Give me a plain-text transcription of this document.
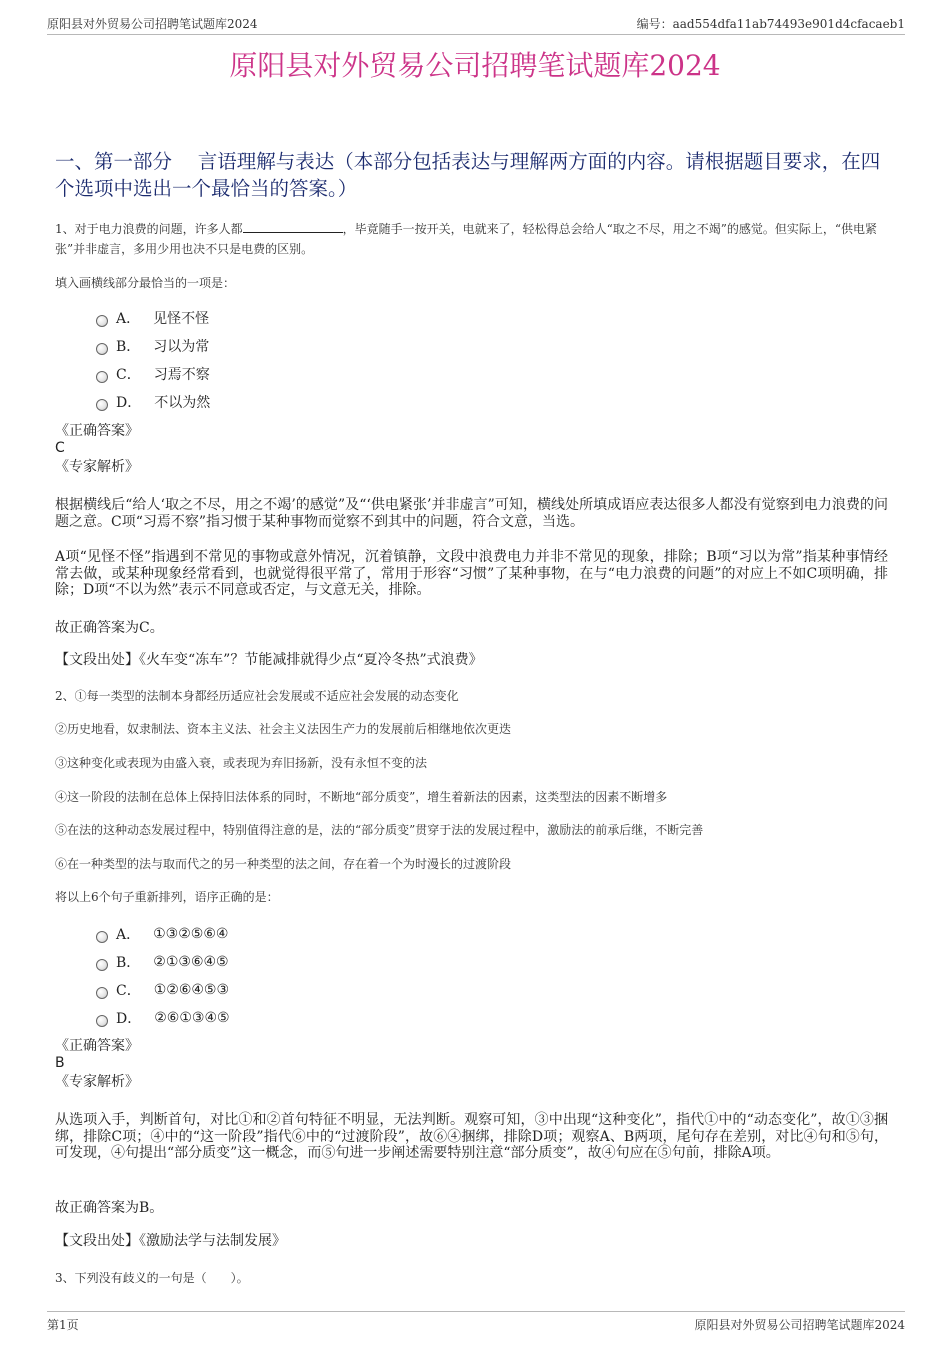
原阳县对外贸易公司招聘笔试题库2024	编号：aad554dfa11ab74493e901d4cfacaeb1
原阳县对外贸易公司招聘笔试题库2024
一、第一部分　 言语理解与表达（本部分包括表达与理解两方面的内容。请根据题目要求，在四个选项中选出一个最恰当的答案。）

1、对于电力浪费的问题，许多人都	，毕竟随手一按开关，电就来了，轻松得总会给人“取之不尽，用之不竭”的感觉。但实际上，“供电紧张”并非虚言，多用少用也决不只是电费的区别。

填入画横线部分最恰当的一项是：

A． 见怪不怪
B． 习以为常
C． 习焉不察
D． 不以为然

《正确答案》

C

《专家解析》

根据横线后“给人‘取之不尽，用之不竭’的感觉”及“‘供电紧张’并非虚言”可知，横线处所填成语应表达很多人都没有觉察到电力浪费的问题之意。C项“习焉不察”指习惯于某种事物而觉察不到其中的问题，符合文意，当选。

A项“见怪不怪”指遇到不常见的事物或意外情况，沉着镇静，文段中浪费电力并非不常见的现象，排除；B项“习以为常”指某种事情经常去做，或某种现象经常看到，也就觉得很平常了，常用于形容“习惯”了某种事物，在与“电力浪费的问题”的对应上不如C项明确，排除；D项“不以为然”表示不同意或否定，与文意无关，排除。

故正确答案为C。

【文段出处】《火车变“冻车”？节能减排就得少点“夏冷冬热”式浪费》

2、①每一类型的法制本身都经历适应社会发展或不适应社会发展的动态变化

②历史地看，奴隶制法、资本主义法、社会主义法因生产力的发展前后相继地依次更迭

③这种变化或表现为由盛入衰，或表现为弃旧扬新，没有永恒不变的法

④这一阶段的法制在总体上保持旧法体系的同时，不断地“部分质变”，增生着新法的因素，这类型法的因素不断增多

⑤在法的这种动态发展过程中，特别值得注意的是，法的“部分质变”贯穿于法的发展过程中，激励法的前承后继，不断完善

⑥在一种类型的法与取而代之的另一种类型的法之间，存在着一个为时漫长的过渡阶段

将以上6个句子重新排列，语序正确的是：

A． ①③②⑤⑥④
B． ②①③⑥④⑤
C． ①②⑥④⑤③
D． ②⑥①③④⑤

《正确答案》

B

《专家解析》

从选项入手，判断首句，对比①和②首句特征不明显，无法判断。观察可知，③中出现“这种变化”，指代①中的“动态变化”，故①③捆绑，排除C项；④中的“这一阶段”指代⑥中的“过渡阶段”，故⑥④捆绑，排除D项；观察A、B两项，尾句存在差别，对比④句和⑤句，可发现，④句提出“部分质变”这一概念，而⑤句进一步阐述需要特别注意“部分质变”，故④句应在⑤句前，排除A项。

故正确答案为B。

【文段出处】《激励法学与法制发展》

3、下列没有歧义的一句是（　　）。

第1页	原阳县对外贸易公司招聘笔试题库2024
